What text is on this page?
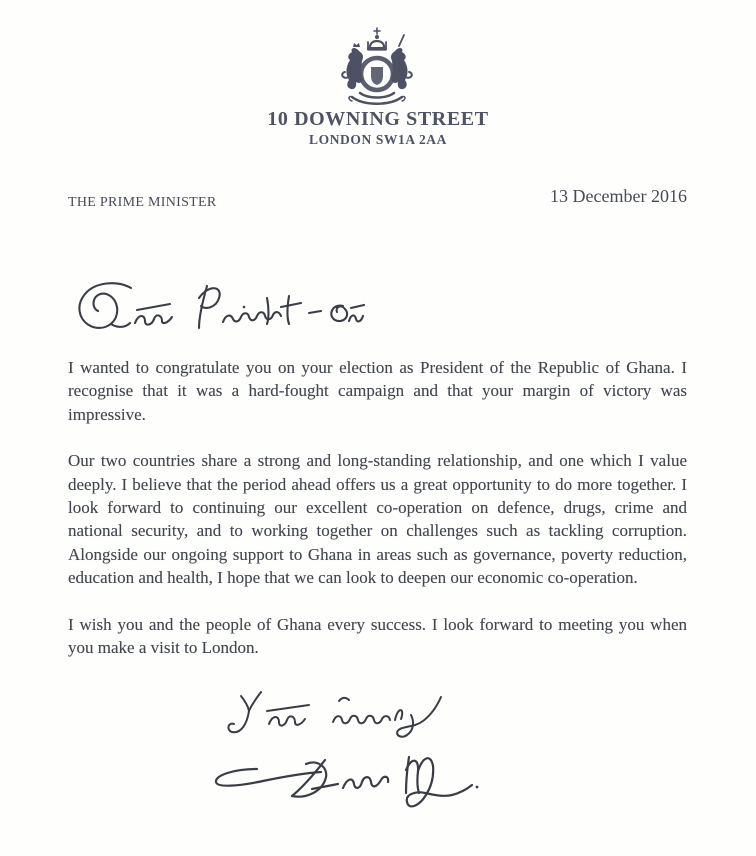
10 DOWNING STREET
LONDON SW1A 2AA
THE PRIME MINISTER	13 December 2016

I wanted to congratulate you on your election as President of the Republic of Ghana. I recognise that it was a hard-fought campaign and that your margin of victory was impressive.

Our two countries share a strong and long-standing relationship, and one which I value deeply. I believe that the period ahead offers us a great opportunity to do more together. I look forward to continuing our excellent co-operation on defence, drugs, crime and national security, and to working together on challenges such as tackling corruption. Alongside our ongoing support to Ghana in areas such as governance, poverty reduction, education and health, I hope that we can look to deepen our economic co-operation.

I wish you and the people of Ghana every success. I look forward to meeting you when you make a visit to London.
